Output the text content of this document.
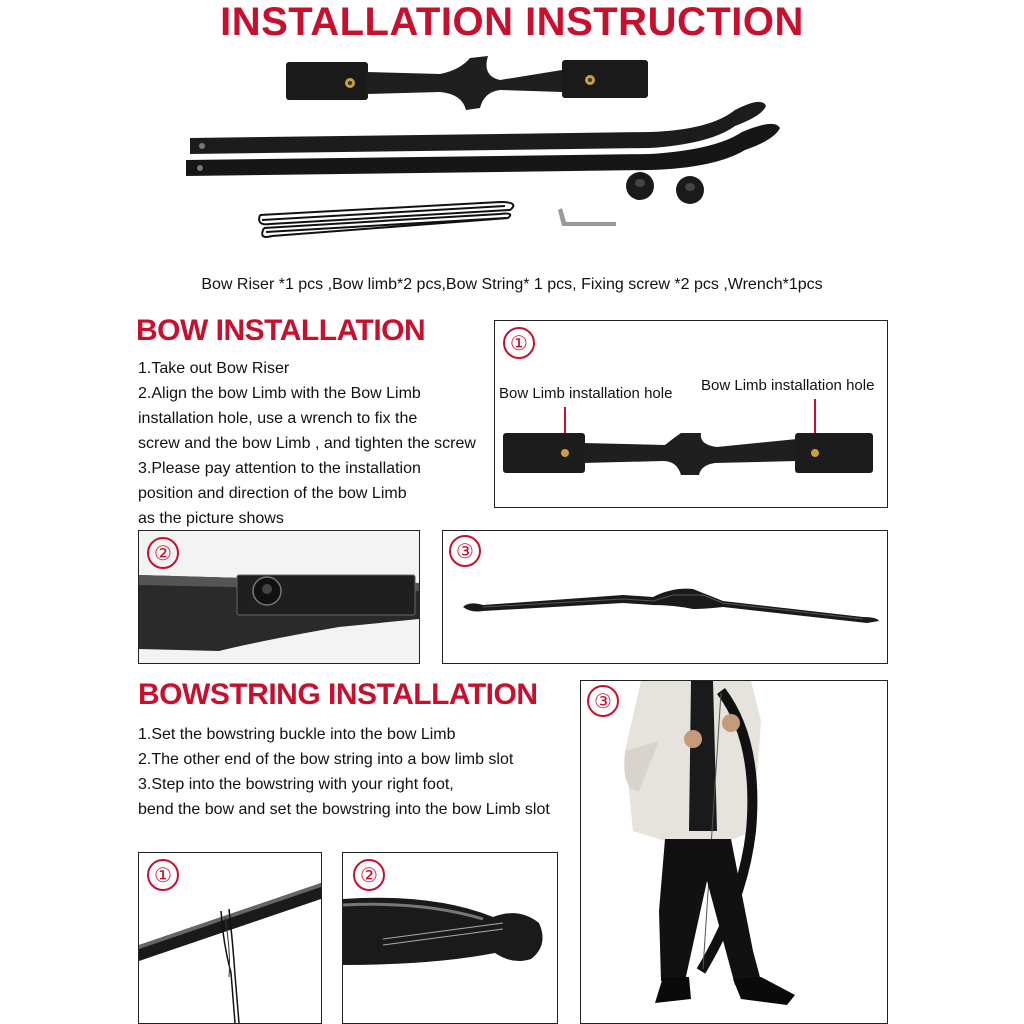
INSTALLATION INSTRUCTION
Bow Riser *1 pcs ,Bow limb*2 pcs,Bow String* 1 pcs, Fixing screw *2 pcs ,Wrench*1pcs
BOW INSTALLATION
1.Take out Bow Riser
2.Align the bow Limb with the Bow Limb
installation hole, use a wrench to fix the
screw and the bow Limb , and tighten the screw
3.Please pay attention to the installation
position and direction of the bow Limb
as the picture shows
①
Bow Limb installation hole Bow Limb installation hole
②	③
BOWSTRING INSTALLATION
1.Set the bowstring buckle into the bow Limb
2.The other end of the bow string into a bow limb slot
3.Step into the bowstring with your right foot,
bend the bow and set the bowstring into the bow Limb slot
①	②
③
